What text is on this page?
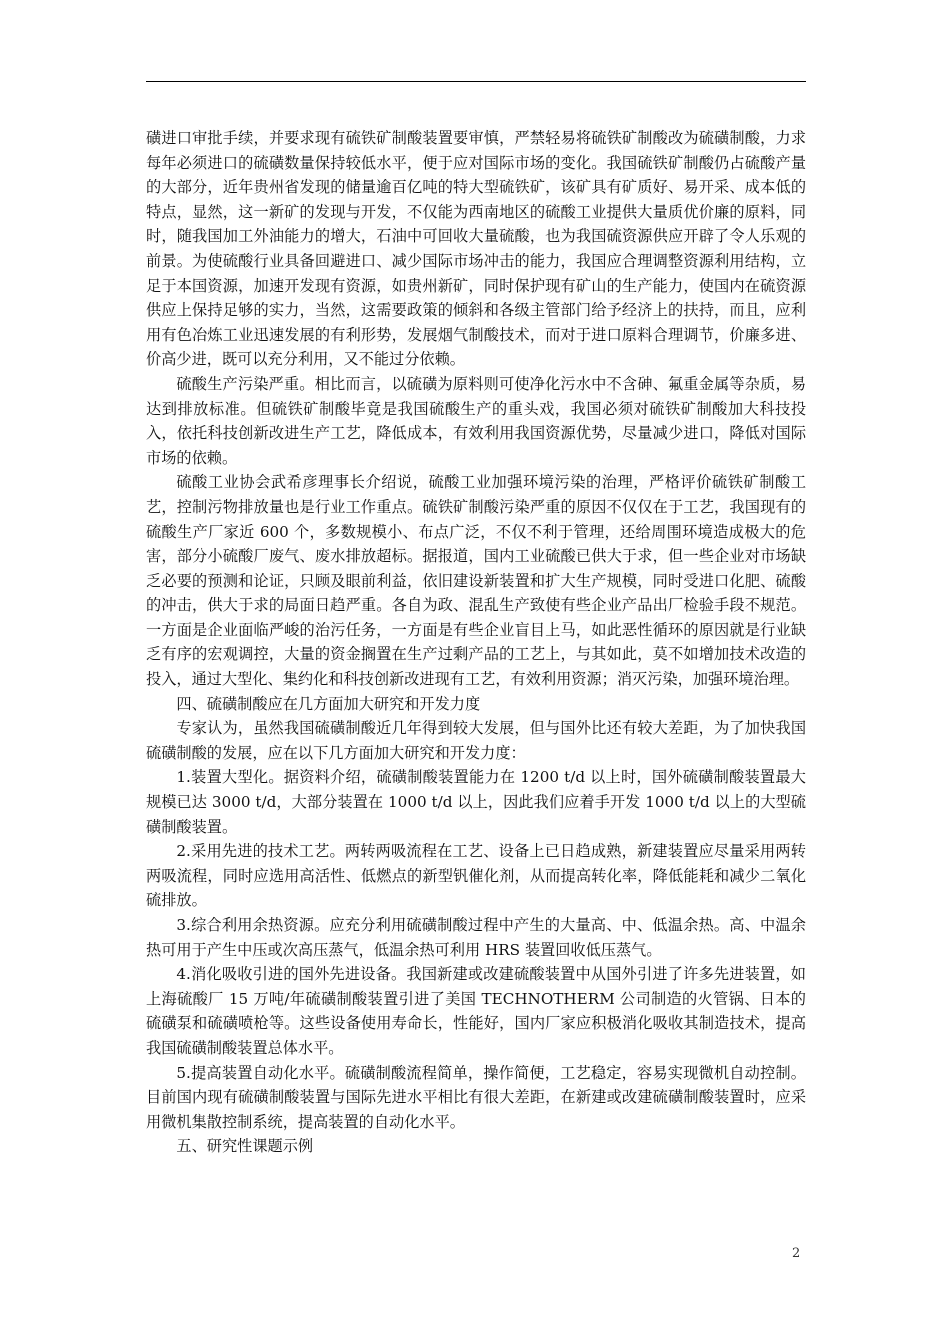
磺进口审批手续，并要求现有硫铁矿制酸装置要审慎，严禁轻易将硫铁矿制酸改为硫磺制酸，力求每年必须进口的硫磺数量保持较低水平，便于应对国际市场的变化。我国硫铁矿制酸仍占硫酸产量的大部分，近年贵州省发现的储量逾百亿吨的特大型硫铁矿，该矿具有矿质好、易开采、成本低的特点，显然，这一新矿的发现与开发，不仅能为西南地区的硫酸工业提供大量质优价廉的原料，同时，随我国加工外油能力的增大，石油中可回收大量硫酸，也为我国硫资源供应开辟了令人乐观的前景。为使硫酸行业具备回避进口、减少国际市场冲击的能力，我国应合理调整资源利用结构，立足于本国资源，加速开发现有资源，如贵州新矿，同时保护现有矿山的生产能力，使国内在硫资源供应上保持足够的实力，当然，这需要政策的倾斜和各级主管部门给予经济上的扶持，而且，应利用有色冶炼工业迅速发展的有利形势，发展烟气制酸技术，而对于进口原料合理调节，价廉多进、价高少进，既可以充分利用，又不能过分依赖。

硫酸生产污染严重。相比而言，以硫磺为原料则可使净化污水中不含砷、氟重金属等杂质，易达到排放标准。但硫铁矿制酸毕竟是我国硫酸生产的重头戏，我国必须对硫铁矿制酸加大科技投入，依托科技创新改进生产工艺，降低成本，有效利用我国资源优势，尽量减少进口，降低对国际市场的依赖。

硫酸工业协会武希彦理事长介绍说，硫酸工业加强环境污染的治理，严格评价硫铁矿制酸工艺，控制污物排放量也是行业工作重点。硫铁矿制酸污染严重的原因不仅仅在于工艺，我国现有的硫酸生产厂家近 600 个，多数规模小、布点广泛，不仅不利于管理，还给周围环境造成极大的危害，部分小硫酸厂废气、废水排放超标。据报道，国内工业硫酸已供大于求，但一些企业对市场缺乏必要的预测和论证，只顾及眼前利益，依旧建设新装置和扩大生产规模，同时受进口化肥、硫酸的冲击，供大于求的局面日趋严重。各自为政、混乱生产致使有些企业产品出厂检验手段不规范。一方面是企业面临严峻的治污任务，一方面是有些企业盲目上马，如此恶性循环的原因就是行业缺乏有序的宏观调控，大量的资金搁置在生产过剩产品的工艺上，与其如此，莫不如增加技术改造的投入，通过大型化、集约化和科技创新改进现有工艺，有效利用资源；消灭污染，加强环境治理。

四、硫磺制酸应在几方面加大研究和开发力度

专家认为，虽然我国硫磺制酸近几年得到较大发展，但与国外比还有较大差距，为了加快我国硫磺制酸的发展，应在以下几方面加大研究和开发力度：

1.装置大型化。据资料介绍，硫磺制酸装置能力在 1200 t/d 以上时，国外硫磺制酸装置最大规模已达 3000 t/d，大部分装置在 1000 t/d 以上，因此我们应着手开发 1000 t/d 以上的大型硫磺制酸装置。

2.采用先进的技术工艺。两转两吸流程在工艺、设备上已日趋成熟，新建装置应尽量采用两转两吸流程，同时应选用高活性、低燃点的新型钒催化剂，从而提高转化率，降低能耗和减少二氧化硫排放。

3.综合利用余热资源。应充分利用硫磺制酸过程中产生的大量高、中、低温余热。高、中温余热可用于产生中压或次高压蒸气，低温余热可利用 HRS 装置回收低压蒸气。

4.消化吸收引进的国外先进设备。我国新建或改建硫酸装置中从国外引进了许多先进装置，如上海硫酸厂 15 万吨/年硫磺制酸装置引进了美国 TECHNOTHERM 公司制造的火管锅、日本的硫磺泵和硫磺喷枪等。这些设备使用寿命长，性能好，国内厂家应积极消化吸收其制造技术，提高我国硫磺制酸装置总体水平。

5.提高装置自动化水平。硫磺制酸流程简单，操作简便，工艺稳定，容易实现微机自动控制。目前国内现有硫磺制酸装置与国际先进水平相比有很大差距，在新建或改建硫磺制酸装置时，应采用微机集散控制系统，提高装置的自动化水平。

五、研究性课题示例

2
